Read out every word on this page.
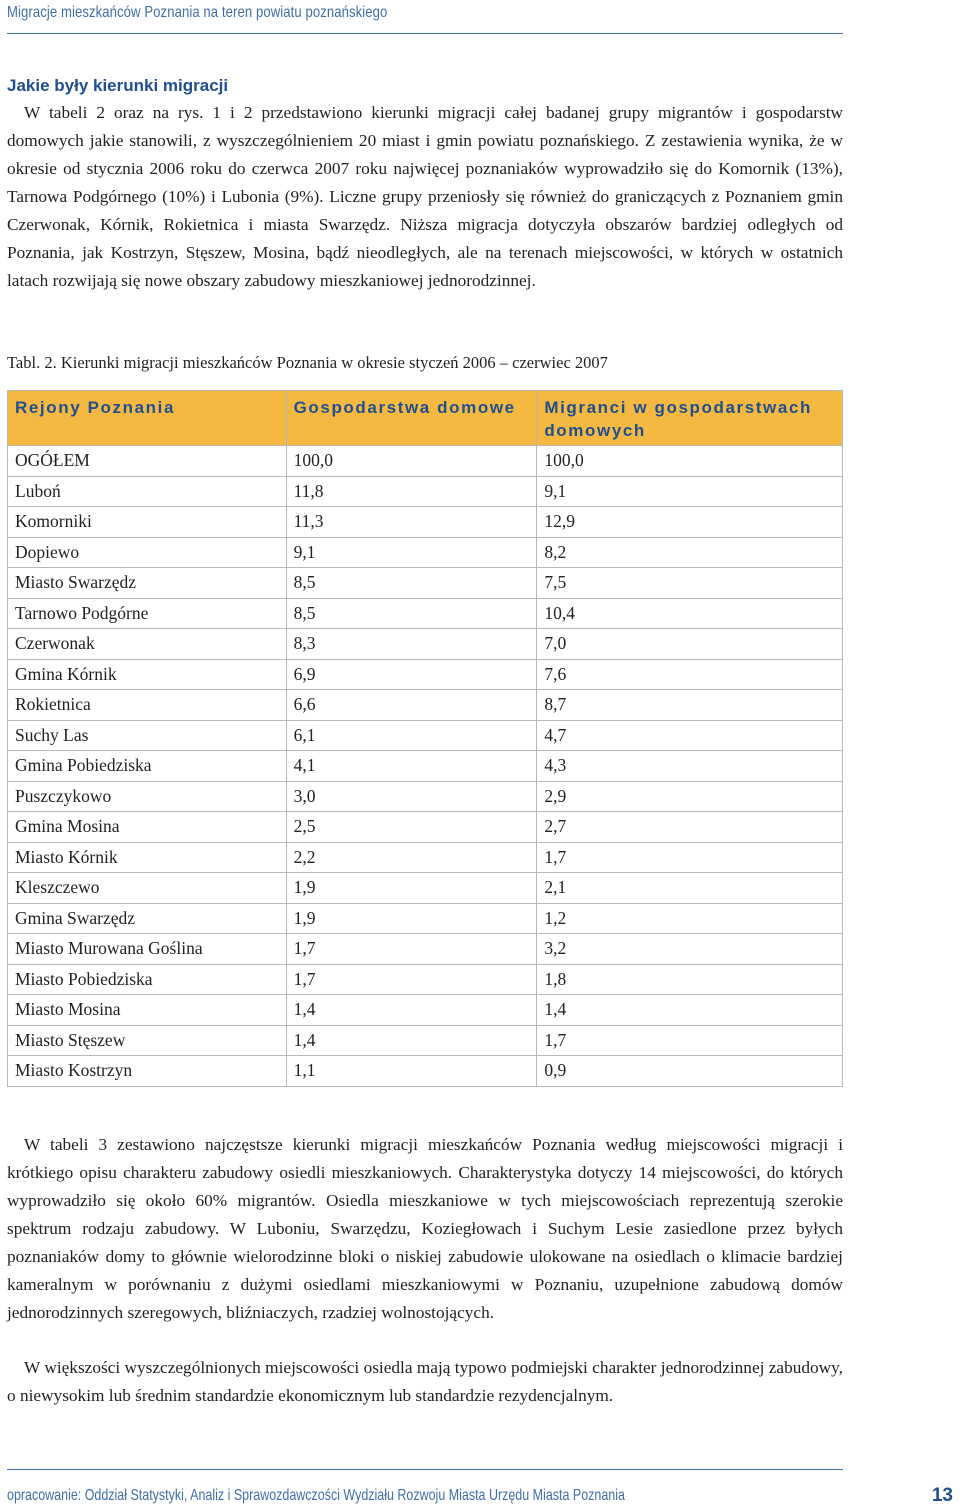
Migracje mieszkańców Poznania na teren powiatu poznańskiego
Jakie były kierunki migracji

W tabeli 2 oraz na rys. 1 i 2 przedstawiono kierunki migracji całej badanej grupy migrantów i gospodarstw domowych jakie stanowili, z wyszczególnieniem 20 miast i gmin powiatu poznańskiego. Z zestawienia wynika, że w okresie od stycznia 2006 roku do czerwca 2007 roku najwięcej poznaniaków wyprowadziło się do Komornik (13%), Tarnowa Podgórnego (10%) i Lubonia (9%). Liczne grupy przeniosły się również do graniczących z Poznaniem gmin Czerwonak, Kórnik, Rokietnica i miasta Swarzędz. Niższa migracja dotyczyła obszarów bardziej odległych od Poznania, jak Kostrzyn, Stęszew, Mosina, bądź nieodległych, ale na terenach miejscowości, w których w ostatnich latach rozwijają się nowe obszary zabudowy mieszkaniowej jednorodzinnej.

Tabl. 2. Kierunki migracji mieszkańców Poznania w okresie styczeń 2006 – czerwiec 2007
Rejony Poznania	Gospodarstwa domowe	Migranci w gospodarstwach domowych
OGÓŁEM	100,0	100,0
Luboń	11,8	9,1
Komorniki	11,3	12,9
Dopiewo	9,1	8,2
Miasto Swarzędz	8,5	7,5
Tarnowo Podgórne	8,5	10,4
Czerwonak	8,3	7,0
Gmina Kórnik	6,9	7,6
Rokietnica	6,6	8,7
Suchy Las	6,1	4,7
Gmina Pobiedziska	4,1	4,3
Puszczykowo	3,0	2,9
Gmina Mosina	2,5	2,7
Miasto Kórnik	2,2	1,7
Kleszczewo	1,9	2,1
Gmina Swarzędz	1,9	1,2
Miasto Murowana Goślina	1,7	3,2
Miasto Pobiedziska	1,7	1,8
Miasto Mosina	1,4	1,4
Miasto Stęszew	1,4	1,7
Miasto Kostrzyn	1,1	0,9

W tabeli 3 zestawiono najczęstsze kierunki migracji mieszkańców Poznania według miejscowości migracji i krótkiego opisu charakteru zabudowy osiedli mieszkaniowych. Charakterystyka dotyczy 14 miejscowości, do których wyprowadziło się około 60% migrantów. Osiedla mieszkaniowe w tych miejscowościach reprezentują szerokie spektrum rodzaju zabudowy. W Luboniu, Swarzędzu, Koziegłowach i Suchym Lesie zasiedlone przez byłych poznaniaków domy to głównie wielorodzinne bloki o niskiej zabudowie ulokowane na osiedlach o klimacie bardziej kameralnym w porównaniu z dużymi osiedlami mieszkaniowymi w Poznaniu, uzupełnione zabudową domów jednorodzinnych szeregowych, bliźniaczych, rzadziej wolnostojących.

W większości wyszczególnionych miejscowości osiedla mają typowo podmiejski charakter jednorodzinnej zabudowy, o niewysokim lub średnim standardzie ekonomicznym lub standardzie rezydencjalnym.

opracowanie: Oddział Statystyki, Analiz i Sprawozdawczości Wydziału Rozwoju Miasta Urzędu Miasta Poznania	13
